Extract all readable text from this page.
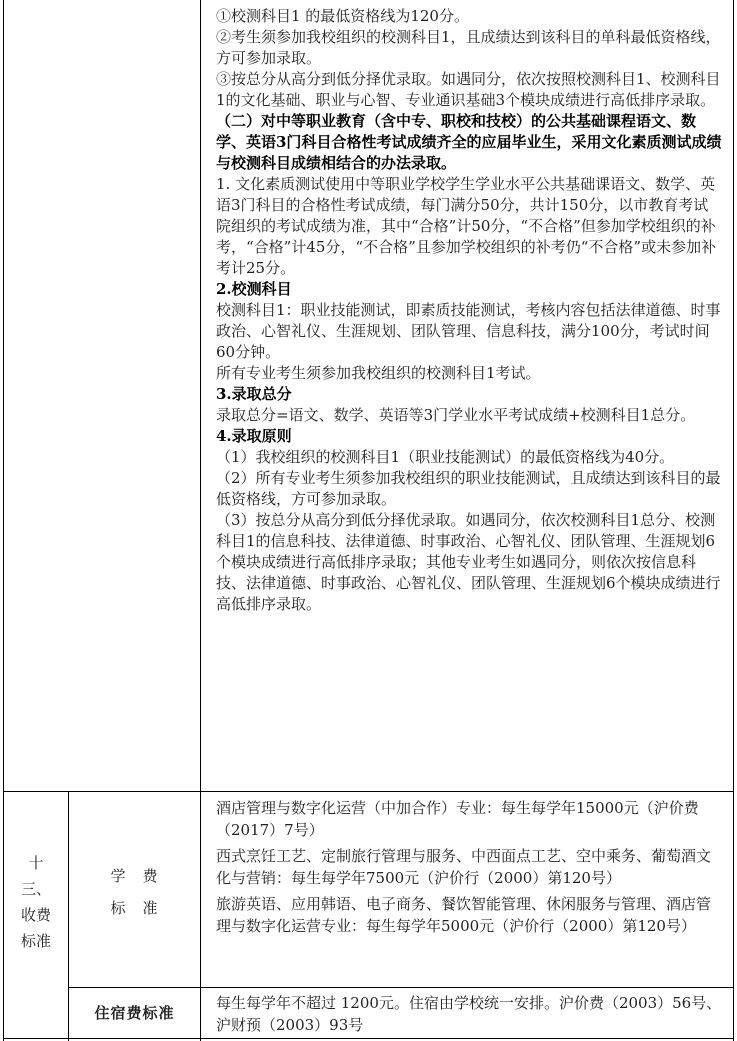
①校测科目1 的最低资格线为120分。

②考生须参加我校组织的校测科目1，且成绩达到该科目的单科最低资格线，方可参加录取。

③按总分从高分到低分择优录取。如遇同分，依次按照校测科目1、校测科目1的文化基础、职业与心智、专业通识基础3个模块成绩进行高低排序录取。

（二）对中等职业教育（含中专、职校和技校）的公共基础课程语文、数学、英语3门科目合格性考试成绩齐全的应届毕业生，采用文化素质测试成绩与校测科目成绩相结合的办法录取。

1. 文化素质测试使用中等职业学校学生学业水平公共基础课语文、数学、英语3门科目的合格性考试成绩，每门满分50分，共计150分，以市教育考试院组织的考试成绩为准，其中“合格”计50分，“不合格”但参加学校组织的补考，“合格”计45分，“不合格”且参加学校组织的补考仍“不合格”或未参加补考计25分。

2.校测科目

校测科目1：职业技能测试，即素质技能测试，考核内容包括法律道德、时事政治、心智礼仪、生涯规划、团队管理、信息科技，满分100分，考试时间60分钟。

所有专业考生须参加我校组织的校测科目1考试。

3.录取总分

录取总分=语文、数学、英语等3门学业水平考试成绩+校测科目1总分。

4.录取原则

（1）我校组织的校测科目1（职业技能测试）的最低资格线为40分。

（2）所有专业考生须参加我校组织的职业技能测试，且成绩达到该科目的最低资格线，方可参加录取。

（3）按总分从高分到低分择优录取。如遇同分，依次校测科目1总分、校测科目1的信息科技、法律道德、时事政治、心智礼仪、团队管理、生涯规划6个模块成绩进行高低排序录取；其他专业考生如遇同分，则依次按信息科技、法律道德、时事政治、心智礼仪、团队管理、生涯规划6个模块成绩进行高低排序录取。

十
三、
收费
标准
学　费
标　准

酒店管理与数字化运营（中加合作）专业：每生每学年15000元（沪价费（2017）7号）

西式烹饪工艺、定制旅行管理与服务、中西面点工艺、空中乘务、葡萄酒文化与营销：每生每学年7500元（沪价行（2000）第120号）

旅游英语、应用韩语、电子商务、餐饮智能管理、休闲服务与管理、酒店管理与数字化运营专业：每生每学年5000元（沪价行（2000）第120号）

住宿费标准
每生每学年不超过 1200元。住宿由学校统一安排。沪价费（2003）56号、沪财预（2003）93号
